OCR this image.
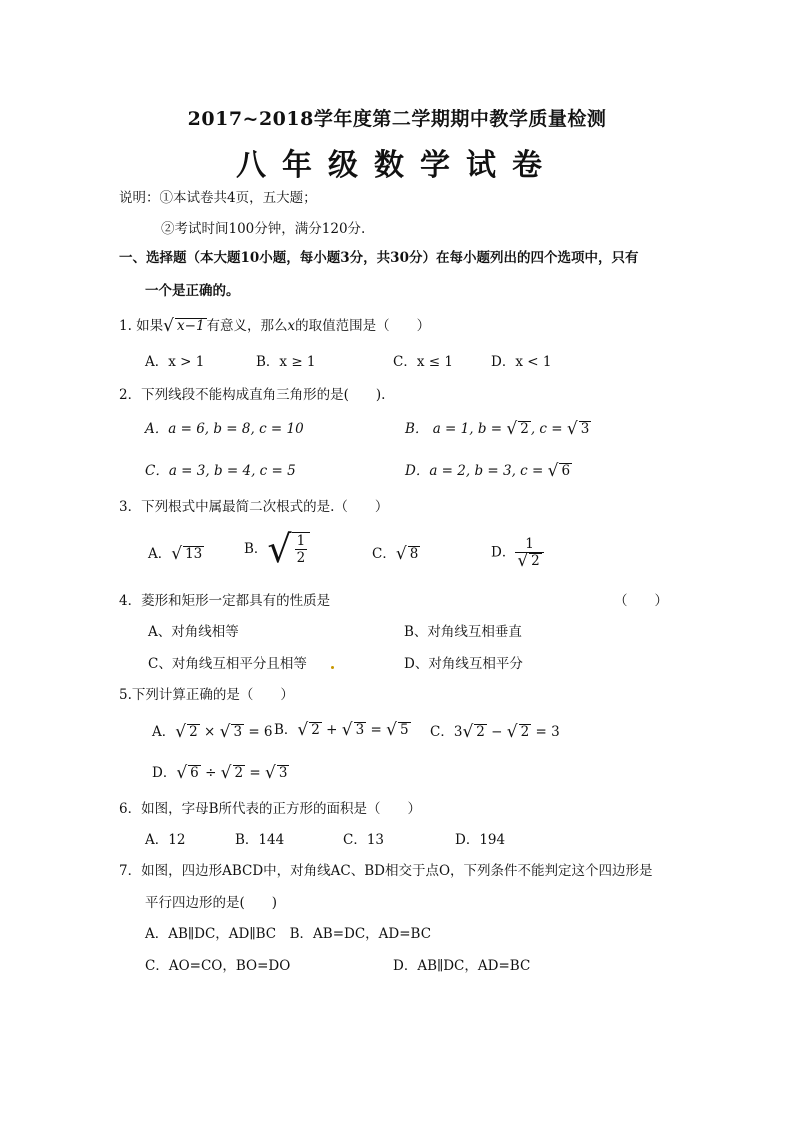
2017~2018学年度第二学期期中教学质量检测
八年级数学试卷
说明：①本试卷共4页，五大题；
②考试时间100分钟，满分120分.
一、选择题（本大题10小题，每小题3分，共30分）在每小题列出的四个选项中，只有
一个是正确的。
1. 如果√ x−1 有意义，那么x的取值范围是（　　）
A．x > 1	B．x ≥ 1	C．x ≤ 1	D．x < 1
2．下列线段不能构成直角三角形的是(　　).
A．a = 6, b = 8, c = 10	B． a = 1, b = √ 2 , c = √ 3
C．a = 3, b = 4, c = 5	D．a = 2, b = 3, c = √ 6
3．下列根式中属最简二次根式的是.（　　）
A．√ 13	B．√ $\frac{1}{2}$	C．√ 8	D． $\frac{1}{√ 2}$
4．菱形和矩形一定都具有的性质是	（　　）
A、对角线相等	B、对角线互相垂直
C、对角线互相平分且相等	D、对角线互相平分
5.下列计算正确的是（　　）
A．√ 2 × √ 3 = 6 B．√ 2 + √ 3 = √ 5 C．3√ 2 − √ 2 = 3
D．√ 6 ÷ √ 2 = √ 3
6．如图，字母B所代表的正方形的面积是（　　）
A．12	B．144	C．13	D．194
7．如图，四边形ABCD中，对角线AC、BD相交于点O，下列条件不能判定这个四边形是
平行四边形的是(　　)
A．AB∥DC，AD∥BC　B．AB=DC，AD=BC
C．AO=CO，BO=DO	D．AB∥DC，AD=BC
